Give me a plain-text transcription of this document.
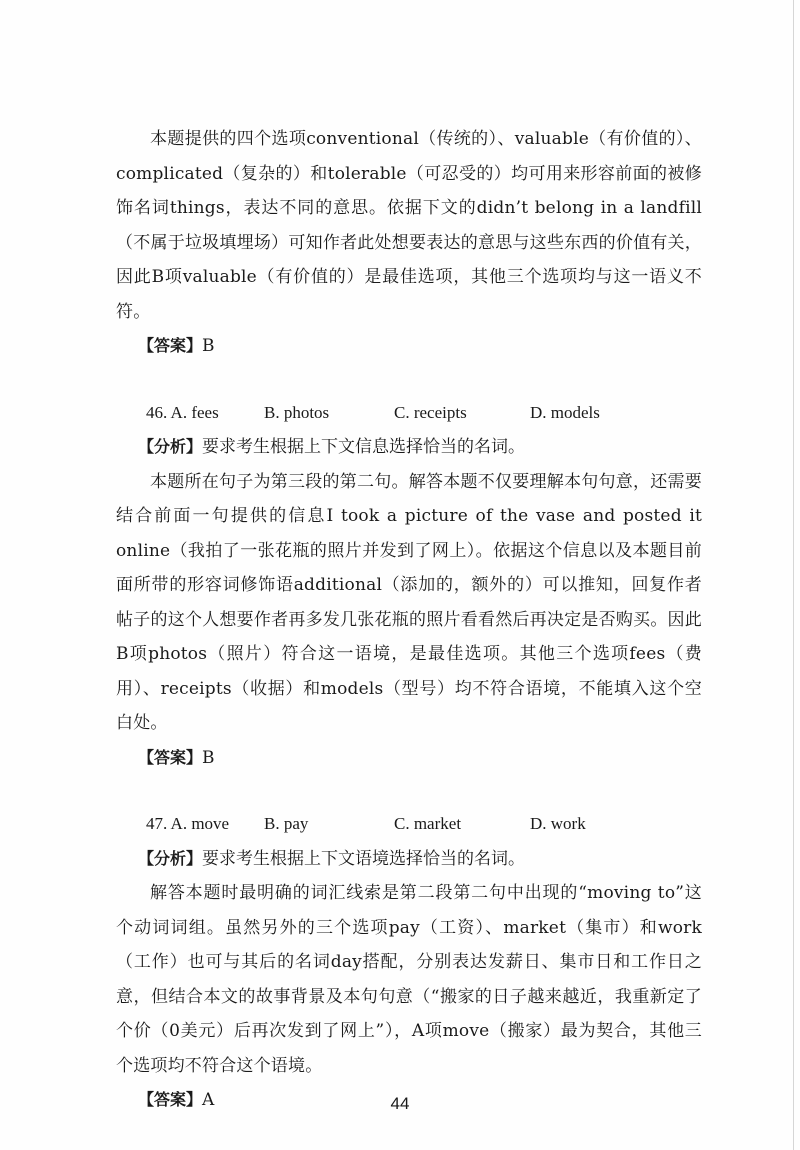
本题提供的四个选项conventional（传统的）、valuable（有价值的）、complicated（复杂的）和tolerable（可忍受的）均可用来形容前面的被修饰名词things，表达不同的意思。依据下文的didn’t belong in a landfill（不属于垃圾填埋场）可知作者此处想要表达的意思与这些东西的价值有关，因此B项valuable（有价值的）是最佳选项，其他三个选项均与这一语义不符。

【答案】B

46. A. fees	B. photos	C. receipts	D. models

【分析】要求考生根据上下文信息选择恰当的名词。

本题所在句子为第三段的第二句。解答本题不仅要理解本句句意，还需要结合前面一句提供的信息I took a picture of the vase and posted it online（我拍了一张花瓶的照片并发到了网上）。依据这个信息以及本题目前面所带的形容词修饰语additional（添加的，额外的）可以推知，回复作者帖子的这个人想要作者再多发几张花瓶的照片看看然后再决定是否购买。因此B项photos（照片）符合这一语境，是最佳选项。其他三个选项fees（费用）、receipts（收据）和models（型号）均不符合语境，不能填入这个空白处。

【答案】B

47. A. move	B. pay	C. market	D. work

【分析】要求考生根据上下文语境选择恰当的名词。

解答本题时最明确的词汇线索是第二段第二句中出现的“moving to”这个动词词组。虽然另外的三个选项pay（工资）、market（集市）和work（工作）也可与其后的名词day搭配，分别表达发薪日、集市日和工作日之意，但结合本文的故事背景及本句句意（“搬家的日子越来越近，我重新定了个价（0美元）后再次发到了网上”），A项move（搬家）最为契合，其他三个选项均不符合这个语境。

【答案】A	44
